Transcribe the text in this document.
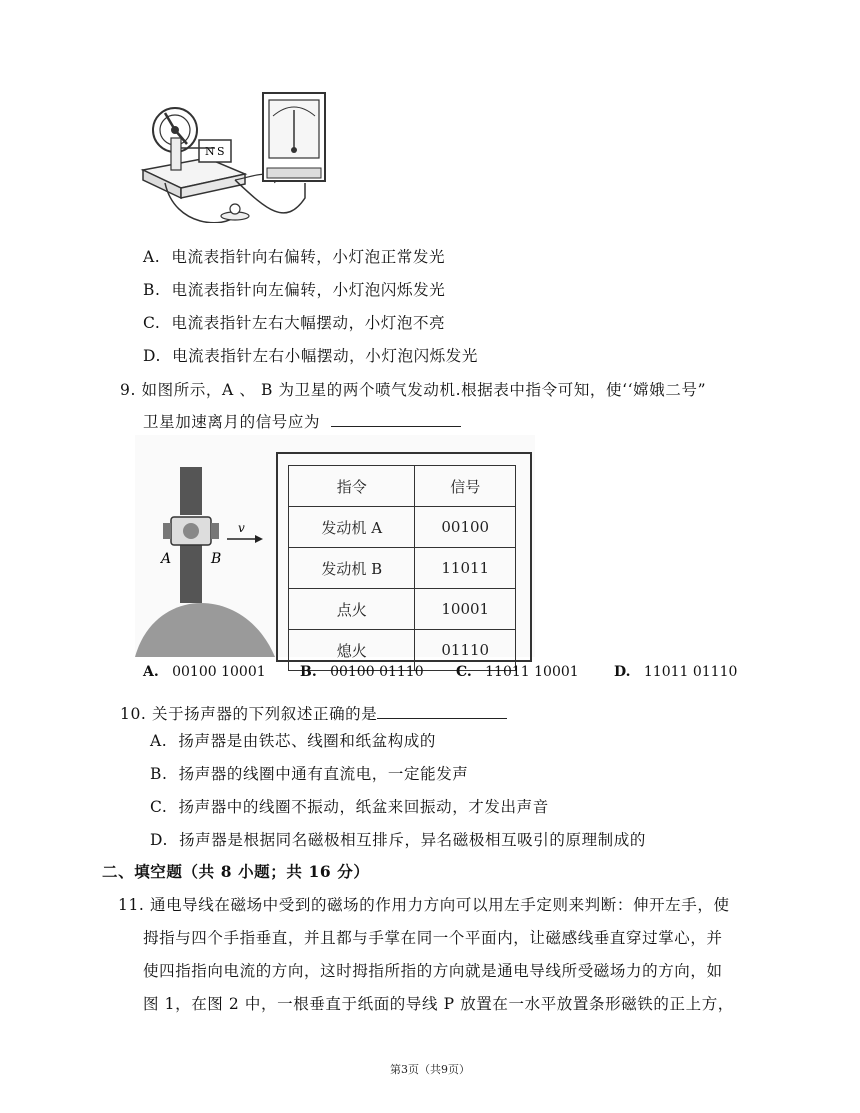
N S
A. 电流表指针向右偏转，小灯泡正常发光
B. 电流表指针向左偏转，小灯泡闪烁发光
C. 电流表指针左右大幅摆动，小灯泡不亮
D. 电流表指针左右小幅摆动，小灯泡闪烁发光
9. 如图所示，A 、 B 为卫星的两个喷气发动机.根据表中指令可知，使‘‘嫦娥二号”
卫星加速离月的信号应为
v
A	B
指令	信号
发动机 A	00100
发动机 B	11011
点火	10001
熄火	01110
A. 00100 10001 B. 00100 01110 C. 11011 10001	D. 11011 01110
10. 关于扬声器的下列叙述正确的是
A. 扬声器是由铁芯、线圈和纸盆构成的
B. 扬声器的线圈中通有直流电，一定能发声
C. 扬声器中的线圈不振动，纸盆来回振动，才发出声音
D. 扬声器是根据同名磁极相互排斥，异名磁极相互吸引的原理制成的
二、填空题（共 8 小题；共 16 分）
11. 通电导线在磁场中受到的磁场的作用力方向可以用左手定则来判断：伸开左手，使
拇指与四个手指垂直，并且都与手掌在同一个平面内，让磁感线垂直穿过掌心，并
使四指指向电流的方向，这时拇指所指的方向就是通电导线所受磁场力的方向，如
图 1，在图 2 中，一根垂直于纸面的导线 P 放置在一水平放置条形磁铁的正上方，
第3页（共9页）
